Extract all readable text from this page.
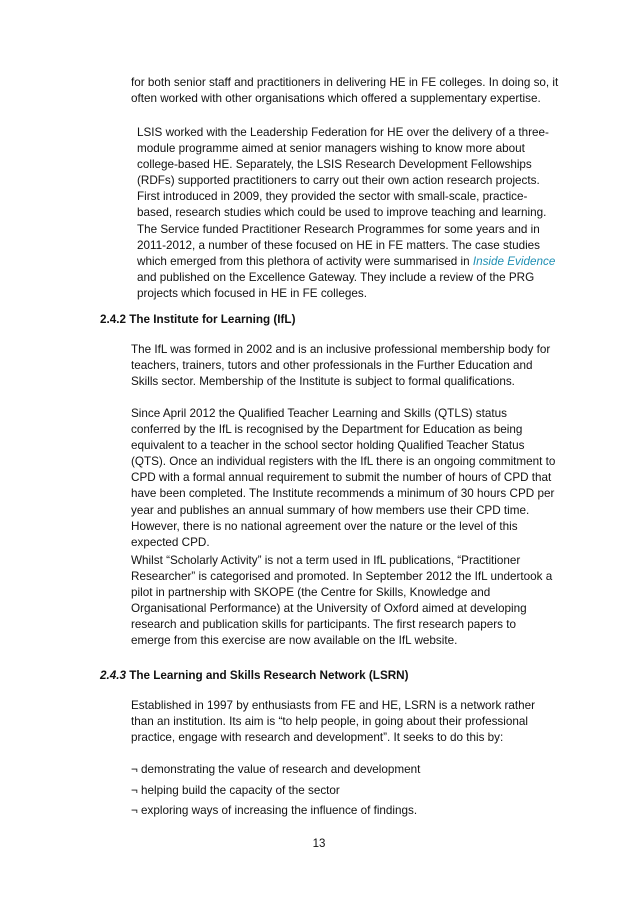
for both senior staff and practitioners in delivering HE in FE colleges. In doing so, it
often worked with other organisations which offered a supplementary expertise.
LSIS worked with the Leadership Federation for HE over the delivery of a three-
module programme aimed at senior managers wishing to know more about
college-based HE. Separately, the LSIS Research Development Fellowships
(RDFs) supported practitioners to carry out their own action research projects.
First introduced in 2009, they provided the sector with small-scale, practice-
based, research studies which could be used to improve teaching and learning.
The Service funded Practitioner Research Programmes for some years and in
2011-2012, a number of these focused on HE in FE matters. The case studies
which emerged from this plethora of activity were summarised in Inside Evidence
and published on the Excellence Gateway. They include a review of the PRG
projects which focused in HE in FE colleges.
2.4.2 The Institute for Learning (IfL)
The IfL was formed in 2002 and is an inclusive professional membership body for
teachers, trainers, tutors and other professionals in the Further Education and
Skills sector. Membership of the Institute is subject to formal qualifications.
Since April 2012 the Qualified Teacher Learning and Skills (QTLS) status
conferred by the IfL is recognised by the Department for Education as being
equivalent to a teacher in the school sector holding Qualified Teacher Status
(QTS). Once an individual registers with the IfL there is an ongoing commitment to
CPD with a formal annual requirement to submit the number of hours of CPD that
have been completed. The Institute recommends a minimum of 30 hours CPD per
year and publishes an annual summary of how members use their CPD time.
However, there is no national agreement over the nature or the level of this
expected CPD.
Whilst “Scholarly Activity” is not a term used in IfL publications, “Practitioner
Researcher” is categorised and promoted. In September 2012 the IfL undertook a
pilot in partnership with SKOPE (the Centre for Skills, Knowledge and
Organisational Performance) at the University of Oxford aimed at developing
research and publication skills for participants. The first research papers to
emerge from this exercise are now available on the IfL website.
2.4.3 The Learning and Skills Research Network (LSRN)
Established in 1997 by enthusiasts from FE and HE, LSRN is a network rather
than an institution. Its aim is “to help people, in going about their professional
practice, engage with research and development”. It seeks to do this by:
¬ demonstrating the value of research and development
¬ helping build the capacity of the sector
¬ exploring ways of increasing the influence of findings.
13
